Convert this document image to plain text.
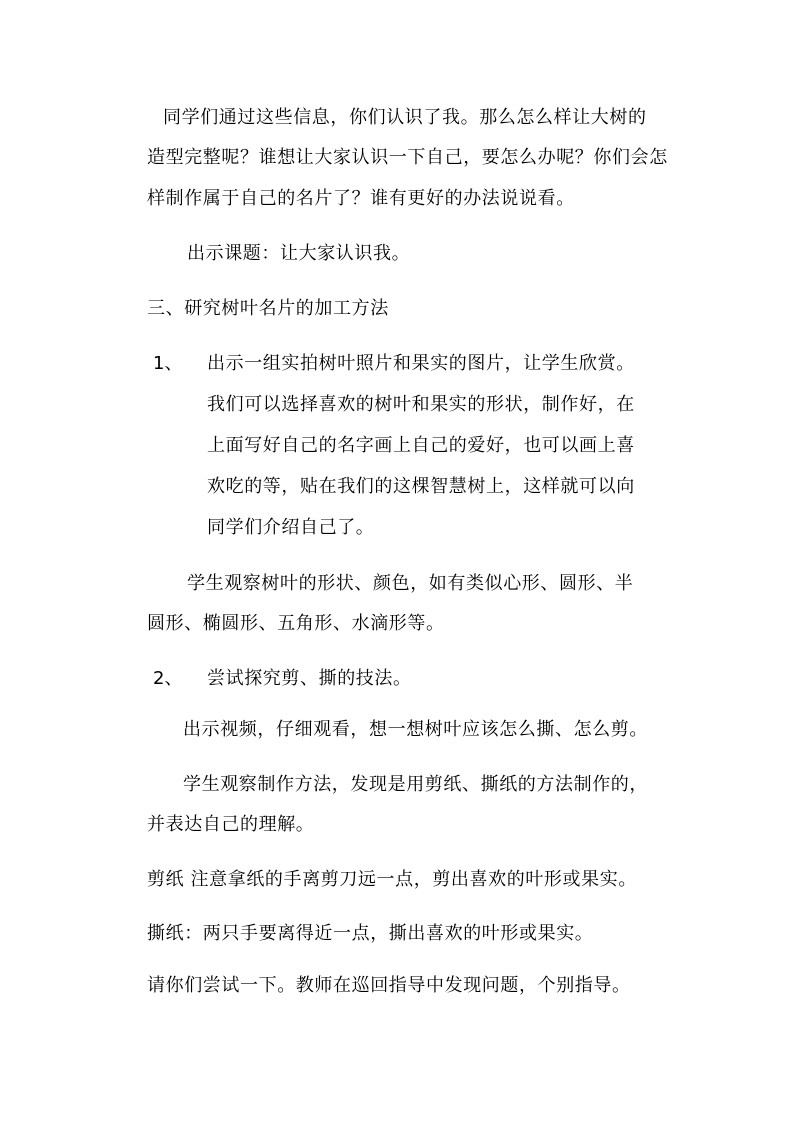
同学们通过这些信息，你们认识了我。那么怎么样让大树的
造型完整呢？谁想让大家认识一下自己，要怎么办呢？你们会怎
样制作属于自己的名片了？谁有更好的办法说说看。
出示课题：让大家认识我。
三、研究树叶名片的加工方法
1、 出示一组实拍树叶照片和果实的图片，让学生欣赏。
我们可以选择喜欢的树叶和果实的形状，制作好，在
上面写好自己的名字画上自己的爱好，也可以画上喜
欢吃的等，贴在我们的这棵智慧树上，这样就可以向
同学们介绍自己了。
学生观察树叶的形状、颜色，如有类似心形、圆形、半
圆形、椭圆形、五角形、水滴形等。
2、 尝试探究剪、撕的技法。
出示视频，仔细观看，想一想树叶应该怎么撕、怎么剪。
学生观察制作方法，发现是用剪纸、撕纸的方法制作的，
并表达自己的理解。
剪纸 注意拿纸的手离剪刀远一点，剪出喜欢的叶形或果实。
撕纸：两只手要离得近一点，撕出喜欢的叶形或果实。
请你们尝试一下。教师在巡回指导中发现问题，个别指导。
